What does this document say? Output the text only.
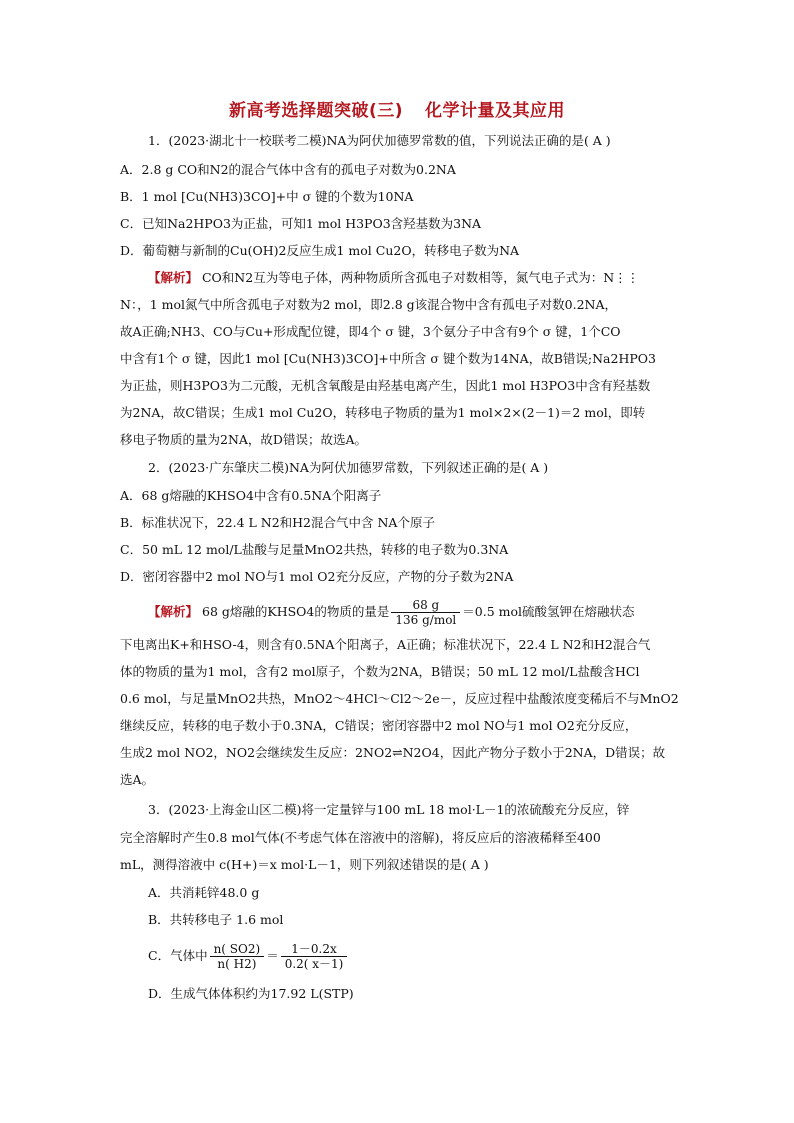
新高考选择题突破(三) 化学计量及其应用
1．(2023·湖北十一校联考二模)NA为阿伏加德罗常数的值，下列说法正确的是( A )
A．2.8 g CO和N2的混合气体中含有的孤电子对数为0.2NA
B．1 mol [Cu(NH3)3CO]+中 σ 键的个数为10NA
C．已知Na2HPO3为正盐，可知1 mol H3PO3含羟基数为3NA
D．葡萄糖与新制的Cu(OH)2反应生成1 mol Cu2O，转移电子数为NA
【解析】 CO和N2互为等电子体，两种物质所含孤电子对数相等，氮气电子式为：N⋮⋮
N：，1 mol氮气中所含孤电子对数为2 mol，即2.8 g该混合物中含有孤电子对数0.2NA，
故A正确;NH3、CO与Cu+形成配位键，即4个 σ 键，3个氨分子中含有9个 σ 键，1个CO
中含有1个 σ 键，因此1 mol [Cu(NH3)3CO]+中所含 σ 键个数为14NA，故B错误;Na2HPO3
为正盐，则H3PO3为二元酸，无机含氧酸是由羟基电离产生，因此1 mol H3PO3中含有羟基数
为2NA，故C错误；生成1 mol Cu2O，转移电子物质的量为1 mol×2×(2－1)＝2 mol，即转
移电子物质的量为2NA，故D错误；故选A。
2．(2023·广东肇庆二模)NA为阿伏加德罗常数，下列叙述正确的是( A )
A．68 g熔融的KHSO4中含有0.5NA个阳离子
B．标准状况下，22.4 L N2和H2混合气中含 NA个原子
C．50 mL 12 mol/L盐酸与足量MnO2共热，转移的电子数为0.3NA
D．密闭容器中2 mol NO与1 mol O2充分反应，产物的分子数为2NA
【解析】 68 g熔融的KHSO4的物质的量是 $\frac{68 g}{\text{136 g/mol}} =0.5$ mol硫酸氢钾在熔融状态
下电离出K+和HSO-4，则含有0.5NA个阳离子，A正确；标准状况下，22.4 L N2和H2混合气
体的物质的量为1 mol，含有2 mol原子，个数为2NA，B错误；50 mL 12 mol/L盐酸含HCl
0.6 mol，与足量MnO2共热，MnO2～4HCl～Cl2～2e－，反应过程中盐酸浓度变稀后不与MnO2
继续反应，转移的电子数小于0.3NA，C错误；密闭容器中2 mol NO与1 mol O2充分反应，
生成2 mol NO2，NO2会继续发生反应：2NO2⇌N2O4，因此产物分子数小于2NA，D错误；故
选A。
3．(2023·上海金山区二模)将一定量锌与100 mL 18 mol·L－1的浓硫酸充分反应，锌
完全溶解时产生0.8 mol气体(不考虑气体在溶液中的溶解)，将反应后的溶液稀释至400
mL，测得溶液中 c(H+)＝x mol·L－1，则下列叙述错误的是( A )
A．共消耗锌48.0 g
B．共转移电子 1.6 mol
C．气体中 $\frac{n( SO2)}{n( H2)} = \frac{1-0.2x}{0.2( x-1)}$
D．生成气体体积约为17.92 L(STP)
